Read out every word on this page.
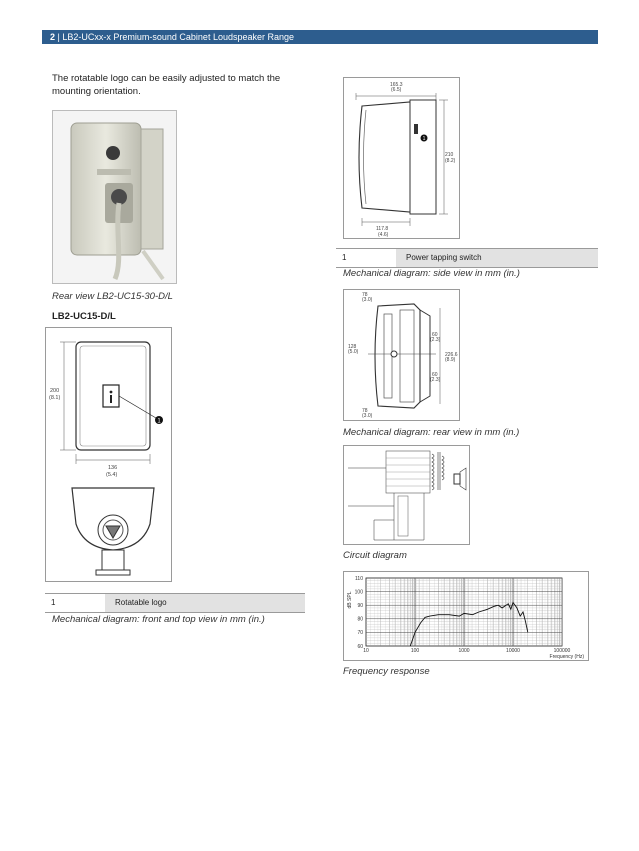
2 | LB2-UCxx-x Premium-sound Cabinet Loudspeaker Range
The rotatable logo can be easily adjusted to match the mounting orientation.
Rear view LB2-UC15-30-D/L
LB2-UC15-D/L
1
200
(8.1)
136
(5.4)
1	Rotatable logo
Mechanical diagram: front and top view in mm (in.)
165.3
(6.5)
1
210
(8.2)
117.8
(4.6)
1	Power tapping switch
Mechanical diagram: side view in mm (in.)
78
(3.0)
128
(5.0)
78
(3.0)
60
(2.3)
226.6
(8.9)
60
(2.3)
Mechanical diagram: rear view in mm (in.)
Circuit diagram
10	100	1000	10000	100000
60
70
80
90
100
110
dB SPL
Frequency (Hz)
Frequency response
